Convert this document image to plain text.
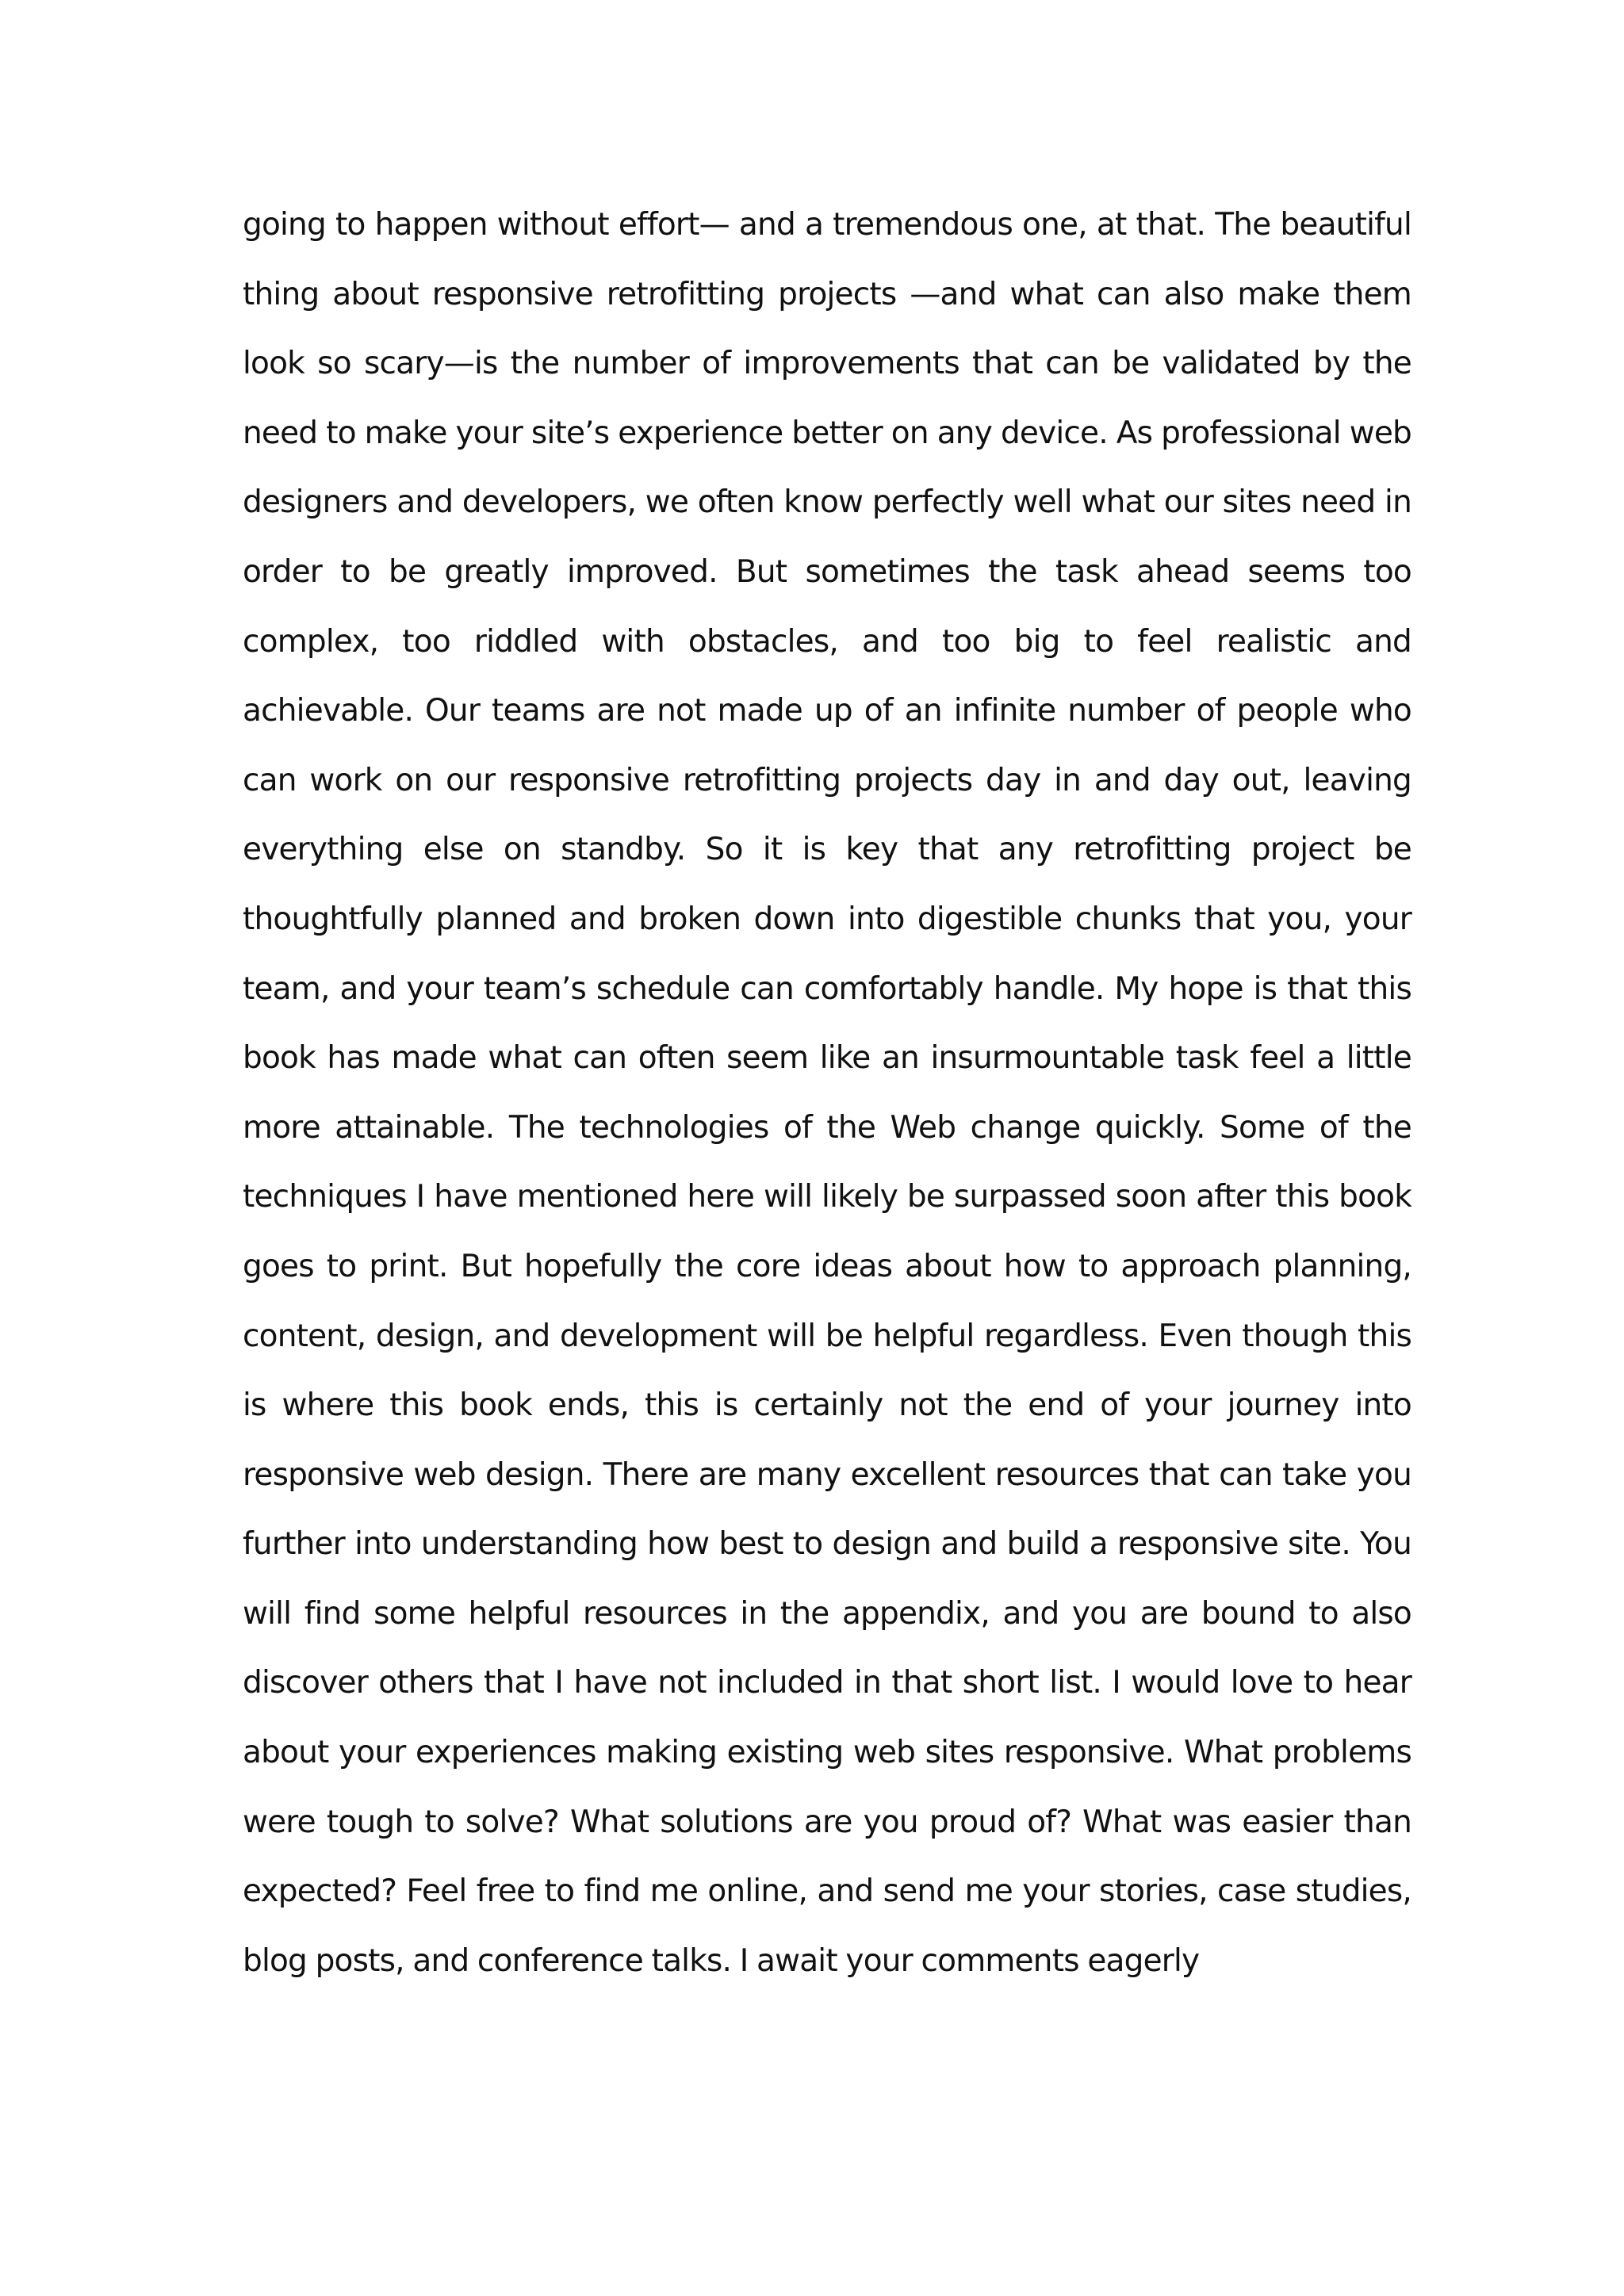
going to happen without effort— and a tremendous one, at that. The beautiful thing about responsive retrofitting projects —and what can also make them look so scary—is the number of improvements that can be validated by the need to make your site’s experience better on any device. As professional web designers and developers, we often know perfectly well what our sites need in order to be greatly improved. But sometimes the task ahead seems too complex, too riddled with obstacles, and too big to feel realistic and achievable. Our teams are not made up of an infinite number of people who can work on our responsive retrofitting projects day in and day out, leaving everything else on standby. So it is key that any retrofitting project be thoughtfully planned and broken down into digestible chunks that you, your team, and your team’s schedule can comfortably handle. My hope is that this book has made what can often seem like an insurmountable task feel a little more attainable. The technologies of the Web change quickly. Some of the techniques I have mentioned here will likely be surpassed soon after this book goes to print. But hopefully the core ideas about how to approach planning, content, design, and development will be helpful regardless. Even though this is where this book ends, this is certainly not the end of your journey into responsive web design. There are many excellent resources that can take you further into understanding how best to design and build a responsive site. You will find some helpful resources in the appendix, and you are bound to also discover others that I have not included in that short list. I would love to hear about your experiences making existing web sites responsive. What problems were tough to solve? What solutions are you proud of? What was easier than expected? Feel free to find me online, and send me your stories, case studies, blog posts, and conference talks. I await your comments eagerly
